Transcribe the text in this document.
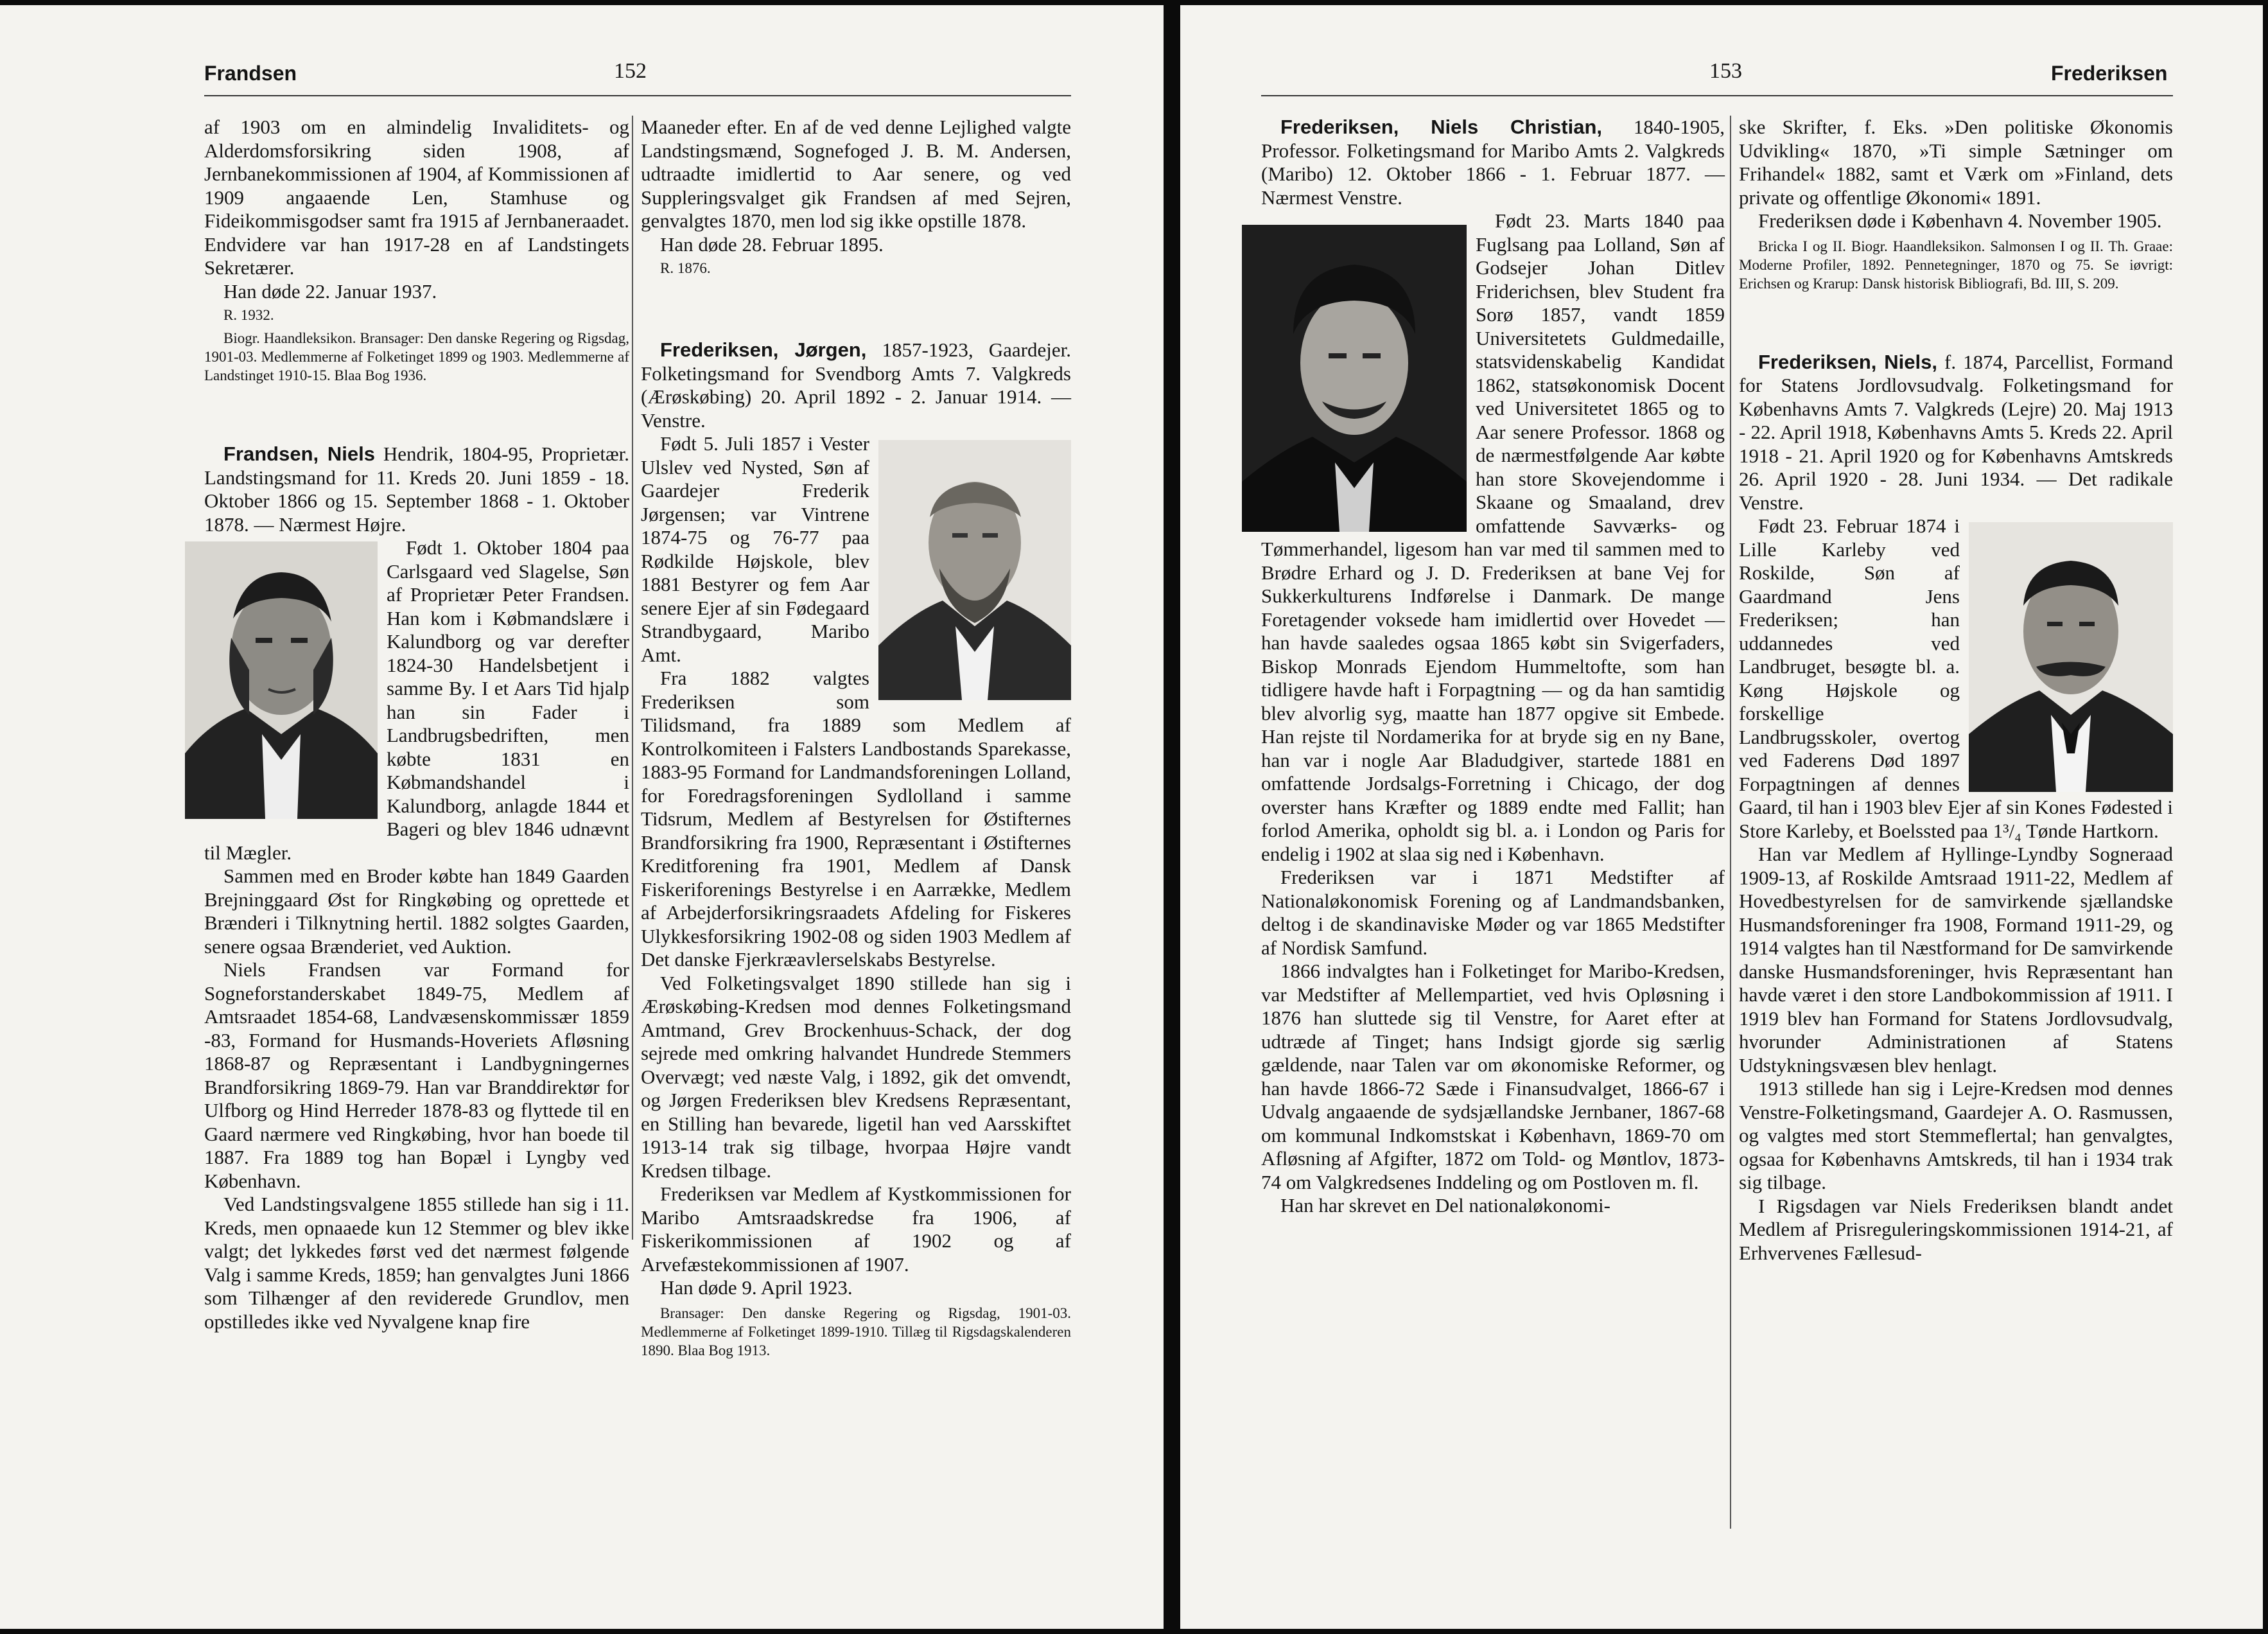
Frandsen	152

af 1903 om en almindelig Invaliditets- og Alderdomsforsikring siden 1908, af Jernbanekommissionen af 1904, af Kommissionen af 1909 angaaende Len, Stamhuse og Fideikommisgodser samt fra 1915 af Jernbaneraadet. Endvidere var han 1917-28 en af Landstingets Sekretærer.

Han døde 22. Januar 1937.

R. 1932.
Biogr. Haandleksikon. Bransager: Den danske Regering og Rigsdag, 1901-03. Medlemmerne af Folketinget 1899 og 1903. Medlemmerne af Landstinget 1910-15. Blaa Bog 1936.

Frandsen, Niels Hendrik, 1804-95, Proprietær. Landstingsmand for 11. Kreds 20. Juni 1859 - 18. Oktober 1866 og 15. September 1868 - 1. Oktober 1878. — Nærmest Højre.

Født 1. Oktober 1804 paa Carlsgaard ved Slagelse, Søn af Proprietær Peter Frandsen. Han kom i Købmandslære i Kalundborg og var derefter 1824-30 Handelsbetjent i samme By. I et Aars Tid hjalp han sin Fader i Landbrugsbedriften, men købte 1831 en Købmandshandel i Kalundborg, anlagde 1844 et Bageri og blev 1846 udnævnt til Mægler.

Sammen med en Broder købte han 1849 Gaarden Brejninggaard Øst for Ringkøbing og oprettede et Brænderi i Tilknytning hertil. 1882 solgtes Gaarden, senere ogsaa Brænderiet, ved Auktion.

Niels Frandsen var Formand for Sogneforstanderskabet 1849-75, Medlem af Amtsraadet 1854-68, Landvæsenskommissær 1859 -83, Formand for Husmands-Hoveriets Afløsning 1868-87 og Repræsentant i Landbygningernes Brandforsikring 1869-79. Han var Branddirektør for Ulfborg og Hind Herreder 1878-83 og flyttede til en Gaard nærmere ved Ringkøbing, hvor han boede til 1887. Fra 1889 tog han Bopæl i Lyngby ved København.

Ved Landstingsvalgene 1855 stillede han sig i 11. Kreds, men opnaaede kun 12 Stemmer og blev ikke valgt; det lykkedes først ved det nærmest følgende Valg i samme Kreds, 1859; han genvalgtes Juni 1866 som Tilhænger af den reviderede Grundlov, men opstilledes ikke ved Nyvalgene knap fire

Maaneder efter. En af de ved denne Lejlighed valgte Landstingsmænd, Sognefoged J. B. M. Andersen, udtraadte imidlertid to Aar senere, og ved Suppleringsvalget gik Frandsen af med Sejren, genvalgtes 1870, men lod sig ikke opstille 1878.

Han døde 28. Februar 1895.

R. 1876.

Frederiksen, Jørgen, 1857-1923, Gaardejer. Folketingsmand for Svendborg Amts 7. Valgkreds (Ærøskøbing) 20. April 1892 - 2. Januar 1914. — Venstre.

Født 5. Juli 1857 i Vester Ulslev ved Nysted, Søn af Gaardejer Frederik Jørgensen; var Vintrene 1874-75 og 76-77 paa Rødkilde Højskole, blev 1881 Bestyrer og fem Aar senere Ejer af sin Fødegaard Strandbygaard, Maribo Amt.

Fra 1882 valgtes Frederiksen som Tilidsmand, fra 1889 som Medlem af Kontrolkomiteen i Falsters Landbostands Sparekasse, 1883-95 Formand for Landmandsforeningen Lolland, for Foredragsforeningen Sydlolland i samme Tidsrum, Medlem af Bestyrelsen for Østifternes Brandforsikring fra 1900, Repræsentant i Østifternes Kreditforening fra 1901, Medlem af Dansk Fiskeriforenings Bestyrelse i en Aarrække, Medlem af Arbejderforsikringsraadets Afdeling for Fiskeres Ulykkesforsikring 1902-08 og siden 1903 Medlem af Det danske Fjerkræavlerselskabs Bestyrelse.

Ved Folketingsvalget 1890 stillede han sig i Ærøskøbing-Kredsen mod dennes Folketingsmand Amtmand, Grev Brockenhuus-Schack, der dog sejrede med omkring halvandet Hundrede Stemmers Overvægt; ved næste Valg, i 1892, gik det omvendt, og Jørgen Frederiksen blev Kredsens Repræsentant, en Stilling han bevarede, ligetil han ved Aarsskiftet 1913-14 trak sig tilbage, hvorpaa Højre vandt Kredsen tilbage.

Frederiksen var Medlem af Kystkommissionen for Maribo Amtsraadskredse fra 1906, af Fiskerikommissionen af 1902 og af Arvefæstekommissionen af 1907.

Han døde 9. April 1923.

Bransager: Den danske Regering og Rigsdag, 1901-03. Medlemmerne af Folketinget 1899-1910. Tillæg til Rigsdagskalenderen 1890. Blaa Bog 1913.
153	Frederiksen

Frederiksen, Niels Christian, 1840-1905, Professor. Folketingsmand for Maribo Amts 2. Valgkreds (Maribo) 12. Oktober 1866 - 1. Februar 1877. — Nærmest Venstre.

Født 23. Marts 1840 paa Fuglsang paa Lolland, Søn af Godsejer Johan Ditlev Friderichsen, blev Student fra Sorø 1857, vandt 1859 Universitetets Guldmedaille, statsvidenskabelig Kandidat 1862, statsøkonomisk Docent ved Universitetet 1865 og to Aar senere Professor. 1868 og de nærmestfølgende Aar købte han store Skovejendomme i Skaane og Smaaland, drev omfattende Savværks- og Tømmerhandel, ligesom han var med til sammen med to Brødre Erhard og J. D. Frederiksen at bane Vej for Sukkerkulturens Indførelse i Danmark. De mange Foretagender voksede ham imidlertid over Hovedet — han havde saaledes ogsaa 1865 købt sin Svigerfaders, Biskop Monrads Ejendom Hummeltofte, som han tidligere havde haft i Forpagtning — og da han samtidig blev alvorlig syg, maatte han 1877 opgive sit Embede. Han rejste til Nordamerika for at bryde sig en ny Bane, han var i nogle Aar Bladudgiver, startede 1881 en omfattende Jordsalgs-Forretning i Chicago, der dog overstег hans Kræfter og 1889 endte med Fallit; han forlod Amerika, opholdt sig bl. a. i London og Paris for endelig i 1902 at slaa sig ned i København.

Frederiksen var i 1871 Medstifter af Nationaløkonomisk Forening og af Landmandsbanken, deltog i de skandinaviske Møder og var 1865 Medstifter af Nordisk Samfund.

1866 indvalgtes han i Folketinget for Maribo-Kredsen, var Medstifter af Mellempartiet, ved hvis Opløsning i 1876 han sluttede sig til Venstre, for Aaret efter at udtræde af Tinget; hans Indsigt gjorde sig særlig gældende, naar Talen var om økonomiske Reformer, og han havde 1866-72 Sæde i Finansudvalget, 1866-67 i Udvalg angaaende de sydsjællandske Jernbaner, 1867-68 om kommunal Indkomstskat i København, 1869-70 om Afløsning af Afgifter, 1872 om Told- og Møntlov, 1873-74 om Valgkredsenes Inddeling og om Postloven m. fl.

Han har skrevet en Del nationaløkonomi-

ske Skrifter, f. Eks. »Den politiske Økonomis Udvikling« 1870, »Ti simple Sætninger om Frihandel« 1882, samt et Værk om »Finland, dets private og offentlige Økonomi« 1891.

Frederiksen døde i København 4. November 1905.

Bricka I og II. Biogr. Haandleksikon. Salmonsen I og II. Th. Graae: Moderne Profiler, 1892. Pennetegninger, 1870 og 75. Se iøvrigt: Erichsen og Krarup: Dansk historisk Bibliografi, Bd. III, S. 209.

Frederiksen, Niels, f. 1874, Parcellist, Formand for Statens Jordlovsudvalg. Folketingsmand for Københavns Amts 7. Valgkreds (Lejre) 20. Maj 1913 - 22. April 1918, Københavns Amts 5. Kreds 22. April 1918 - 21. April 1920 og for Københavns Amtskreds 26. April 1920 - 28. Juni 1934. — Det radikale Venstre.

Født 23. Februar 1874 i Lille Karleby ved Roskilde, Søn af Gaardmand Jens Frederiksen; han uddannedes ved Landbruget, besøgte bl. a. Køng Højskole og forskellige Landbrugsskoler, overtog ved Faderens Død 1897 Forpagtningen af dennes Gaard, til han i 1903 blev Ejer af sin Kones Fødested i Store Karleby, et Boelssted paa 1³/₄ Tønde Hartkorn.

Han var Medlem af Hyllinge-Lyndby Sogneraad 1909-13, af Roskilde Amtsraad 1911-22, Medlem af Hovedbestyrelsen for de samvirkende sjællandske Husmandsforeninger fra 1908, Formand 1911-29, og 1914 valgtes han til Næstformand for De samvirkende danske Husmandsforeninger, hvis Repræsentant han havde været i den store Landbokommission af 1911. I 1919 blev han Formand for Statens Jordlovsudvalg, hvorunder Administrationen af Statens Udstykningsvæsen blev henlagt.

1913 stillede han sig i Lejre-Kredsen mod dennes Venstre-Folketingsmand, Gaardejer A. O. Rasmussen, og valgtes med stort Stemmeflertal; han genvalgtes, ogsaa for Københavns Amtskreds, til han i 1934 trak sig tilbage.

I Rigsdagen var Niels Frederiksen blandt andet Medlem af Prisreguleringskommissionen 1914-21, af Erhvervenes Fællesud-
